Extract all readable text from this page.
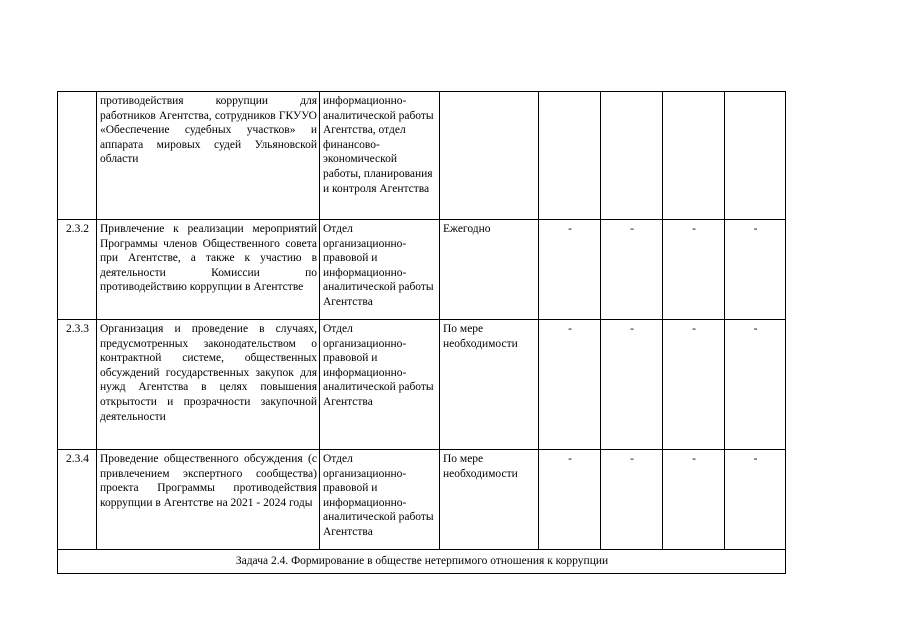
	противодействия коррупции для работников Агентства, сотрудников ГКУУО «Обеспечение судебных участков» и аппарата мировых судей Ульяновской области	информационно-аналитической работы Агентства, отдел финансово-экономической работы, планирования и контроля Агентства					
2.3.2	Привлечение к реализации мероприятий Программы членов Общественного совета при Агентстве, а также к участию в деятельности Комиссии по противодействию коррупции в Агентстве	Отдел организационно-правовой и информационно-аналитической работы Агентства	Ежегодно	-	-	-	-
2.3.3	Организация и проведение в случаях, предусмотренных законодательством о контрактной системе, общественных обсуждений государственных закупок для нужд Агентства в целях повышения открытости и прозрачности закупочной деятельности	Отдел организационно-правовой и информационно-аналитической работы Агентства	По мере необходимости	-	-	-	-
2.3.4	Проведение общественного обсуждения (с привлечением экспертного сообщества) проекта Программы противодействия коррупции в Агентстве на 2021 - 2024 годы	Отдел организационно-правовой и информационно-аналитической работы Агентства	По мере необходимости	-	-	-	-
Задача 2.4. Формирование в обществе нетерпимого отношения к коррупции							
